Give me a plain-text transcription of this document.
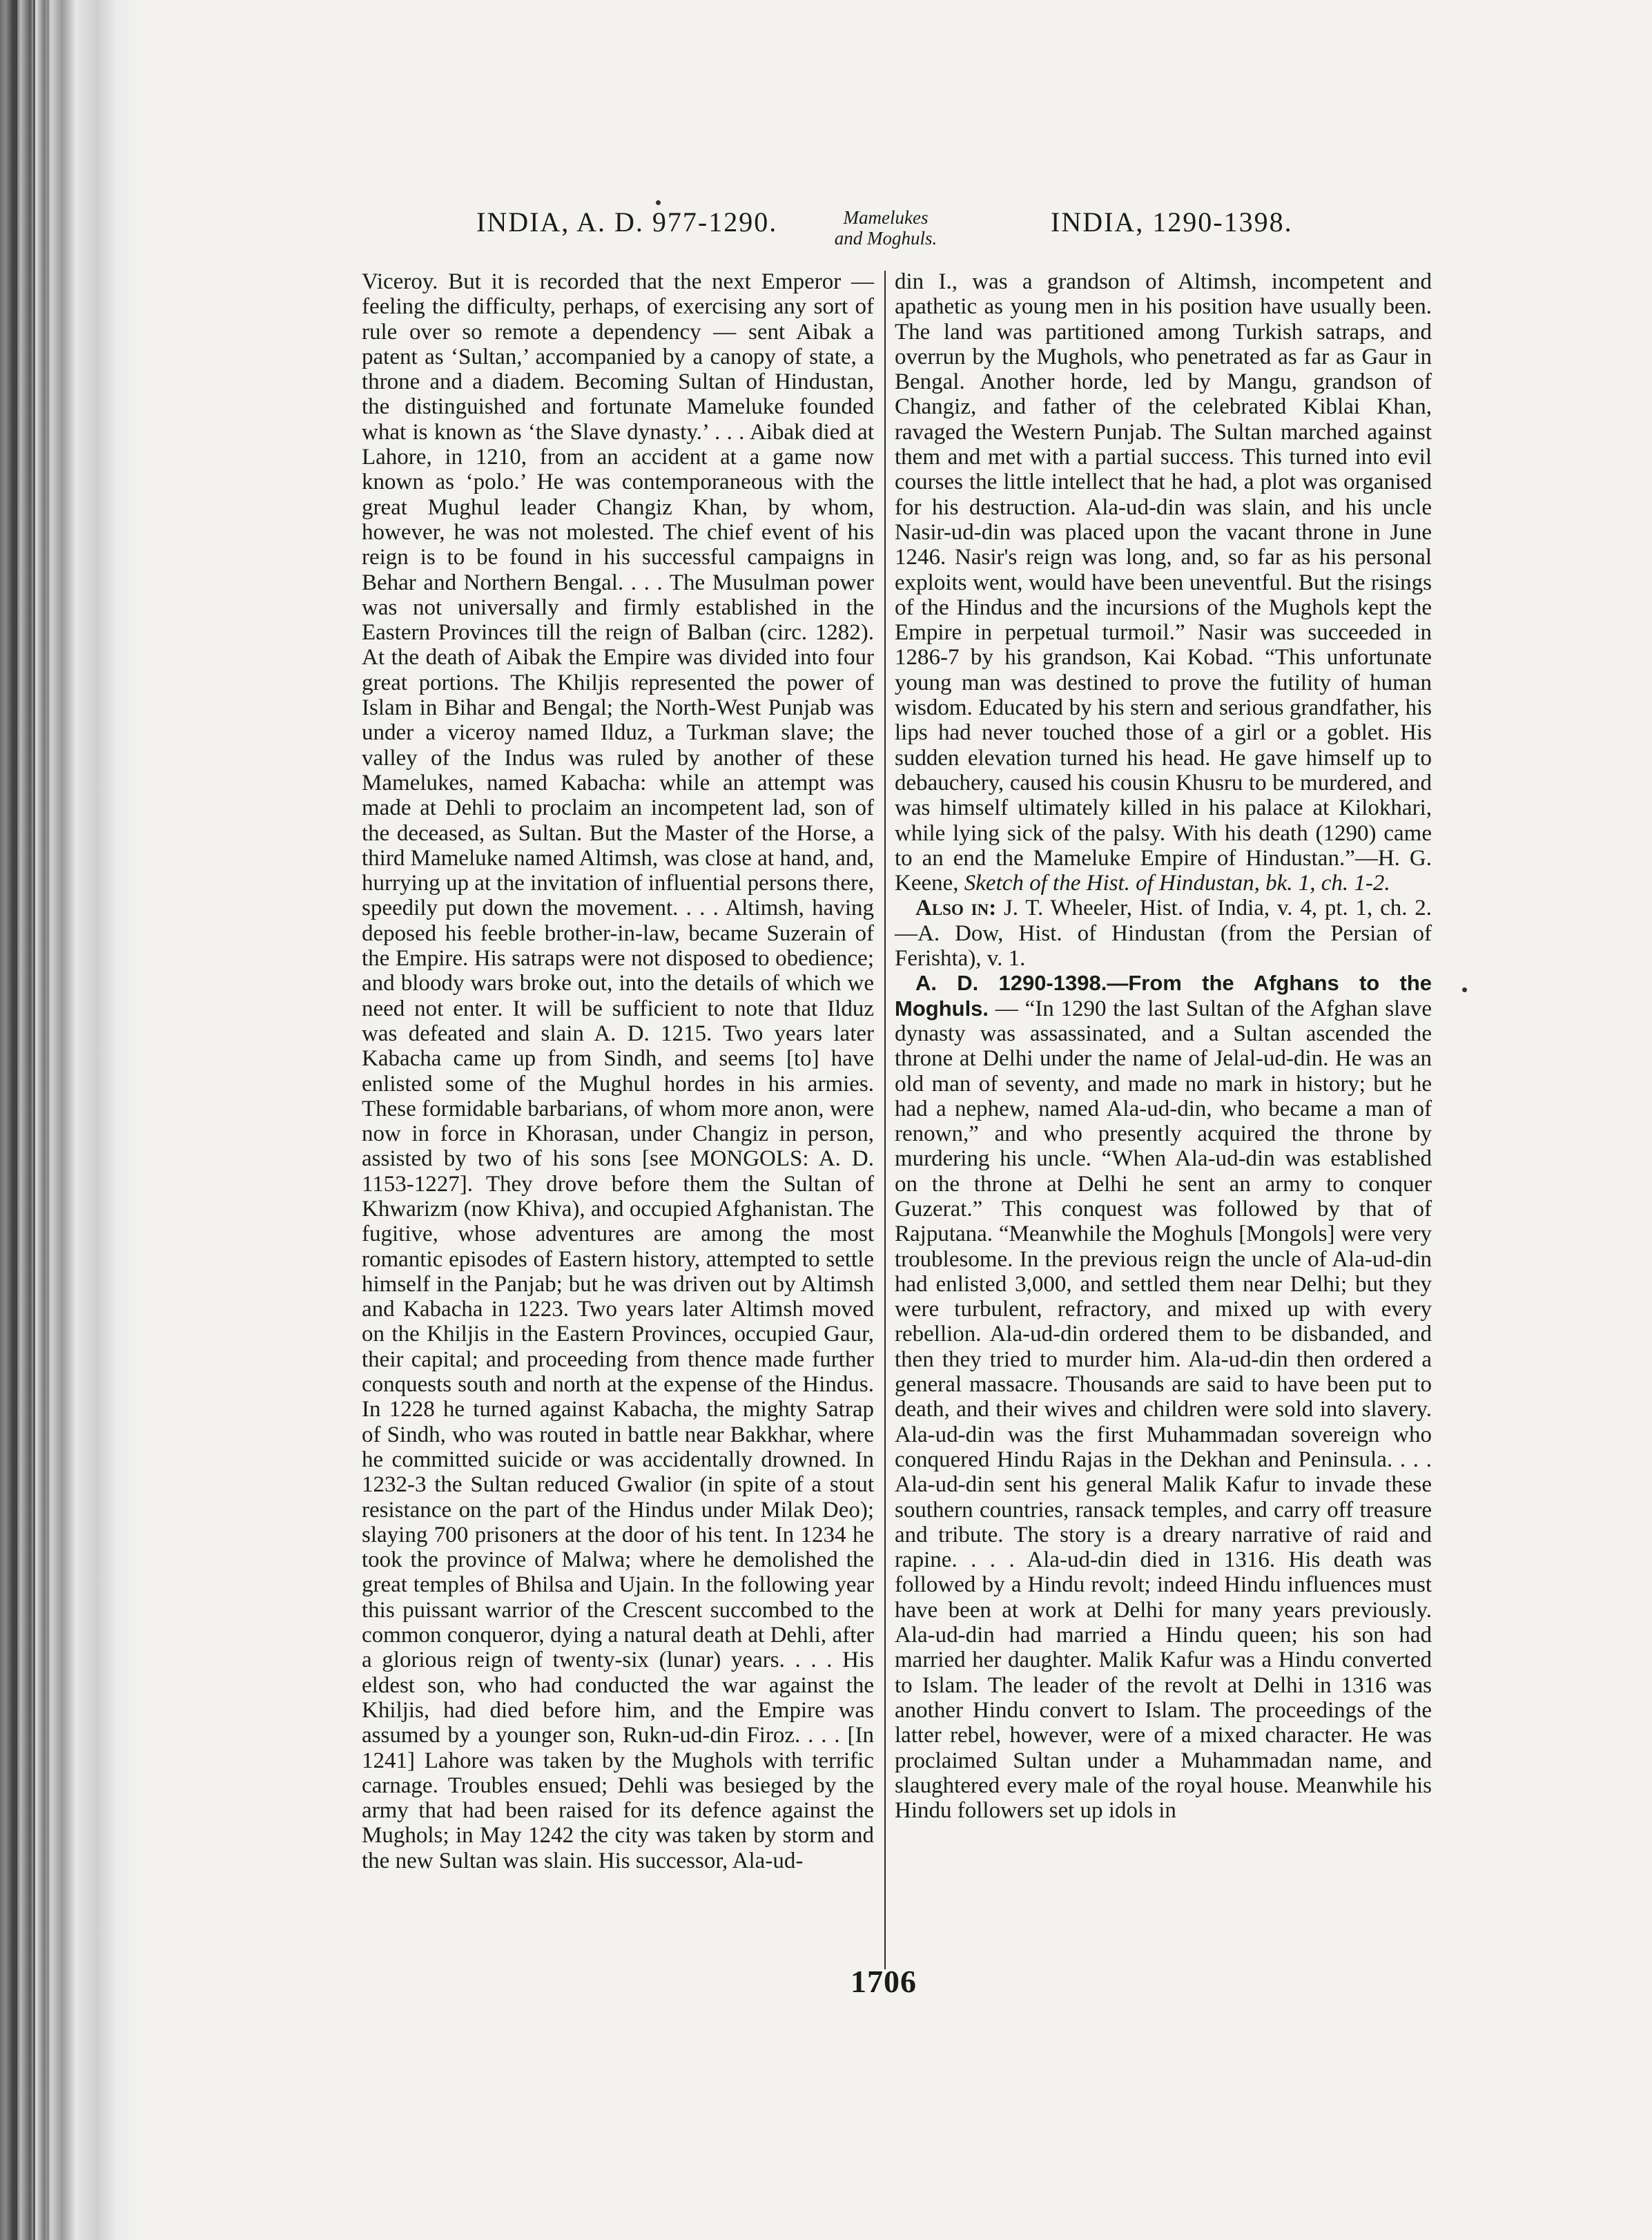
INDIA, A. D. 977-1290.	Mamelukes
and Moghuls.
INDIA, 1290-1398.

Viceroy. But it is recorded that the next Emperor —feeling the difficulty, perhaps, of exercising any sort of rule over so remote a dependency — sent Aibak a patent as ‘Sultan,’ accompanied by a canopy of state, a throne and a diadem. Becoming Sultan of Hindustan, the distinguished and fortunate Mameluke founded what is known as ‘the Slave dynasty.’ . . . Aibak died at Lahore, in 1210, from an accident at a game now known as ‘polo.’ He was contemporaneous with the great Mughul leader Changiz Khan, by whom, however, he was not molested. The chief event of his reign is to be found in his successful campaigns in Behar and Northern Bengal. . . . The Musulman power was not universally and firmly established in the Eastern Provinces till the reign of Balban (circ. 1282). At the death of Aibak the Empire was divided into four great portions. The Khiljis represented the power of Islam in Bihar and Bengal; the North-West Punjab was under a viceroy named Ilduz, a Turkman slave; the valley of the Indus was ruled by another of these Mamelukes, named Kabacha: while an attempt was made at Dehli to proclaim an incompetent lad, son of the deceased, as Sultan. But the Master of the Horse, a third Mameluke named Altimsh, was close at hand, and, hurrying up at the invitation of influential persons there, speedily put down the movement. . . . Altimsh, having deposed his feeble brother-in-law, became Suzerain of the Empire. His satraps were not disposed to obedience; and bloody wars broke out, into the details of which we need not enter. It will be sufficient to note that Ilduz was defeated and slain A. D. 1215. Two years later Kabacha came up from Sindh, and seems [to] have enlisted some of the Mughul hordes in his armies. These formidable barbarians, of whom more anon, were now in force in Khorasan, under Changiz in person, assisted by two of his sons [see MONGOLS: A. D. 1153-1227]. They drove before them the Sultan of Khwarizm (now Khiva), and occupied Afghanistan. The fugitive, whose adventures are among the most romantic episodes of Eastern history, attempted to settle himself in the Panjab; but he was driven out by Altimsh and Kabacha in 1223. Two years later Altimsh moved on the Khiljis in the Eastern Provinces, occupied Gaur, their capital; and proceeding from thence made further conquests south and north at the expense of the Hindus. In 1228 he turned against Kabacha, the mighty Satrap of Sindh, who was routed in battle near Bakkhar, where he committed suicide or was accidentally drowned. In 1232-3 the Sultan reduced Gwalior (in spite of a stout resistance on the part of the Hindus under Milak Deo); slaying 700 prisoners at the door of his tent. In 1234 he took the province of Malwa; where he demolished the great temples of Bhilsa and Ujain. In the following year this puissant warrior of the Crescent succombed to the common conqueror, dying a natural death at Dehli, after a glorious reign of twenty-six (lunar) years. . . . His eldest son, who had conducted the war against the Khiljis, had died before him, and the Empire was assumed by a younger son, Rukn-ud-din Firoz. . . . [In 1241] Lahore was taken by the Mughols with terrific carnage. Troubles ensued; Dehli was besieged by the army that had been raised for its defence against the Mughols; in May 1242 the city was taken by storm and the new Sultan was slain. His successor, Ala-ud-

din I., was a grandson of Altimsh, incompetent and apathetic as young men in his position have usually been. The land was partitioned among Turkish satraps, and overrun by the Mughols, who penetrated as far as Gaur in Bengal. Another horde, led by Mangu, grandson of Changiz, and father of the celebrated Kiblai Khan, ravaged the Western Punjab. The Sultan marched against them and met with a partial success. This turned into evil courses the little intellect that he had, a plot was organised for his destruction. Ala-ud-din was slain, and his uncle Nasir-ud-din was placed upon the vacant throne in June 1246. Nasir's reign was long, and, so far as his personal exploits went, would have been uneventful. But the risings of the Hindus and the incursions of the Mughols kept the Empire in perpetual turmoil.” Nasir was succeeded in 1286-7 by his grandson, Kai Kobad. “This unfortunate young man was destined to prove the futility of human wisdom. Educated by his stern and serious grandfather, his lips had never touched those of a girl or a goblet. His sudden elevation turned his head. He gave himself up to debauchery, caused his cousin Khusru to be murdered, and was himself ultimately killed in his palace at Kilokhari, while lying sick of the palsy. With his death (1290) came to an end the Mameluke Empire of Hindustan.”—H. G. Keene, Sketch of the Hist. of Hindustan, bk. 1, ch. 1-2.

Also in: J. T. Wheeler, Hist. of India, v. 4, pt. 1, ch. 2.—A. Dow, Hist. of Hindustan (from the Persian of Ferishta), v. 1.

A. D. 1290-1398.—From the Afghans to the Moghuls. — “In 1290 the last Sultan of the Afghan slave dynasty was assassinated, and a Sultan ascended the throne at Delhi under the name of Jelal-ud-din. He was an old man of seventy, and made no mark in history; but he had a nephew, named Ala-ud-din, who became a man of renown,” and who presently acquired the throne by murdering his uncle. “When Ala-ud-din was established on the throne at Delhi he sent an army to conquer Guzerat.” This conquest was followed by that of Rajputana. “Meanwhile the Moghuls [Mongols] were very troublesome. In the previous reign the uncle of Ala-ud-din had enlisted 3,000, and settled them near Delhi; but they were turbulent, refractory, and mixed up with every rebellion. Ala-ud-din ordered them to be disbanded, and then they tried to murder him. Ala-ud-din then ordered a general massacre. Thousands are said to have been put to death, and their wives and children were sold into slavery. Ala-ud-din was the first Muhammadan sovereign who conquered Hindu Rajas in the Dekhan and Peninsula. . . . Ala-ud-din sent his general Malik Kafur to invade these southern countries, ransack temples, and carry off treasure and tribute. The story is a dreary narrative of raid and rapine. . . . Ala-ud-din died in 1316. His death was followed by a Hindu revolt; indeed Hindu influences must have been at work at Delhi for many years previously. Ala-ud-din had married a Hindu queen; his son had married her daughter. Malik Kafur was a Hindu converted to Islam. The leader of the revolt at Delhi in 1316 was another Hindu convert to Islam. The proceedings of the latter rebel, however, were of a mixed character. He was proclaimed Sultan under a Muhammadan name, and slaughtered every male of the royal house. Meanwhile his Hindu followers set up idols in

1706
